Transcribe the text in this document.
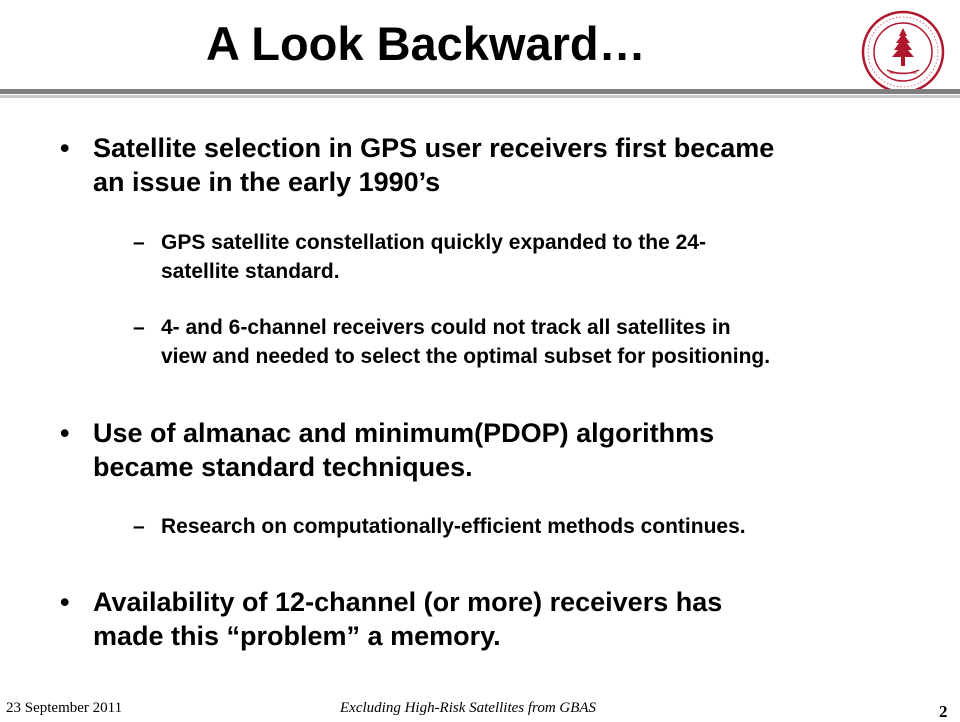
A Look Backward…
• Satellite selection in GPS user receivers first became
an issue in the early 1990’s
– GPS satellite constellation quickly expanded to the 24-
satellite standard.
– 4- and 6-channel receivers could not track all satellites in
view and needed to select the optimal subset for positioning.
• Use of almanac and minimum(PDOP) algorithms
became standard techniques.
– Research on computationally-efficient methods continues.
• Availability of 12-channel (or more) receivers has
made this “problem” a memory.
23 September 2011	Excluding High-Risk Satellites from GBAS	2
